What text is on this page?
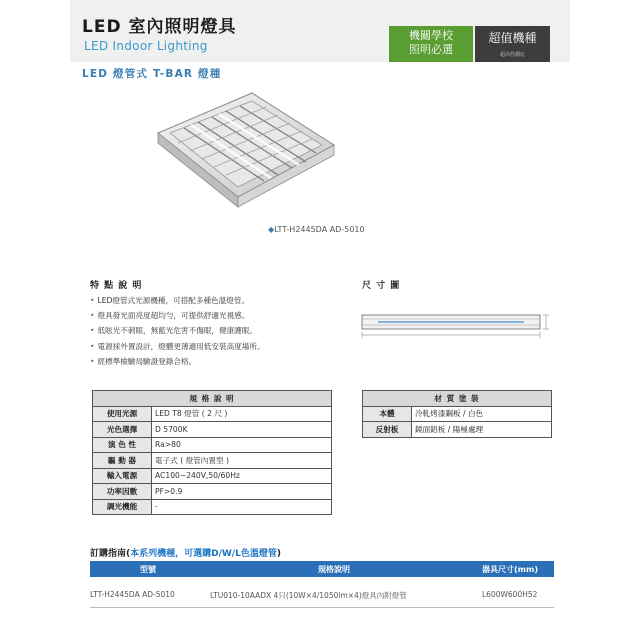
LED 室內照明燈具
LED Indoor Lighting
機關學校
照明必選
超值機種
超高性價比
LED 燈管式 T-BAR 燈種
◆LTT-H2445DA AD-5010
特 點 說 明
• LED燈管式光源機種，可搭配多種色溫燈管。
• 燈具發光面亮度超均勻，可提供舒適光視感。
• 低眩光不刺眼，無藍光危害不傷眼，健康護眼。
• 電源採外置設計，燈體更薄適用低安裝高度場所。
• 經標準檢驗局驗證登錄合格。
尺 寸 圖
規 格 說 明	
使用光源	LED T8 燈管 ( 2 尺 )
光色選擇	D 5700K
演 色 性	Ra>80
驅 動 器	電子式 ( 燈管內置型 )
輸入電源	AC100~240V,50/60Hz
功率因數	PF>0.9
調光機能	-
材 質 塗 裝	
本體	冷軋烤漆鋼板 / 白色
反射板	鏡面鋁板 / 陽極處理
訂購指南(本系列機種，可選購D/W/L色溫燈管)
型號	規格說明	器具尺寸(mm)
LTT-H2445DA AD-5010	LTU010-10AADX 4只(10W×4/1050lm×4)燈具內附燈管	L600W600H52
